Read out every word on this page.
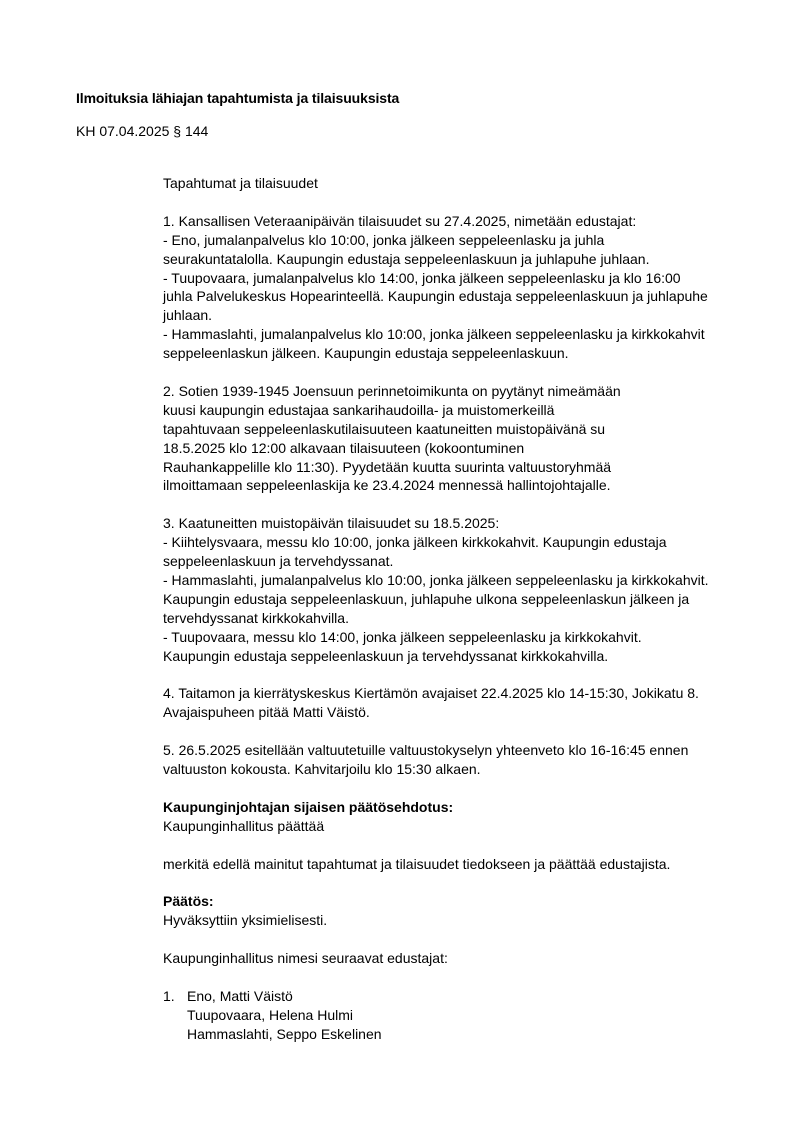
Ilmoituksia lähiajan tapahtumista ja tilaisuuksista
KH 07.04.2025 § 144
Tapahtumat ja tilaisuudet
1. Kansallisen Veteraanipäivän tilaisuudet su 27.4.2025, nimetään edustajat:
- Eno, jumalanpalvelus klo 10:00, jonka jälkeen seppeleenlasku ja juhla
seurakuntatalolla. Kaupungin edustaja seppeleenlaskuun ja juhlapuhe juhlaan.
- Tuupovaara, jumalanpalvelus klo 14:00, jonka jälkeen seppeleenlasku ja klo 16:00
juhla Palvelukeskus Hopearinteellä. Kaupungin edustaja seppeleenlaskuun ja juhlapuhe
juhlaan.
- Hammaslahti, jumalanpalvelus klo 10:00, jonka jälkeen seppeleenlasku ja kirkkokahvit
seppeleenlaskun jälkeen. Kaupungin edustaja seppeleenlaskuun.
2. Sotien 1939-1945 Joensuun perinnetoimikunta on pyytänyt nimeämään
kuusi kaupungin edustajaa sankarihaudoilla- ja muistomerkeillä
tapahtuvaan seppeleenlaskutilaisuuteen kaatuneitten muistopäivänä su
18.5.2025 klo 12:00 alkavaan tilaisuuteen (kokoontuminen
Rauhankappelille klo 11:30). Pyydetään kuutta suurinta valtuustoryhmää
ilmoittamaan seppeleenlaskija ke 23.4.2024 mennessä hallintojohtajalle.
3. Kaatuneitten muistopäivän tilaisuudet su 18.5.2025:
- Kiihtelysvaara, messu klo 10:00, jonka jälkeen kirkkokahvit. Kaupungin edustaja
seppeleenlaskuun ja tervehdyssanat.
- Hammaslahti, jumalanpalvelus klo 10:00, jonka jälkeen seppeleenlasku ja kirkkokahvit.
Kaupungin edustaja seppeleenlaskuun, juhlapuhe ulkona seppeleenlaskun jälkeen ja
tervehdyssanat kirkkokahvilla.
- Tuupovaara, messu klo 14:00, jonka jälkeen seppeleenlasku ja kirkkokahvit.
Kaupungin edustaja seppeleenlaskuun ja tervehdyssanat kirkkokahvilla.
4. Taitamon ja kierrätyskeskus Kiertämön avajaiset 22.4.2025 klo 14-15:30, Jokikatu 8.
Avajaispuheen pitää Matti Väistö.
5. 26.5.2025 esitellään valtuutetuille valtuustokyselyn yhteenveto klo 16-16:45 ennen
valtuuston kokousta. Kahvitarjoilu klo 15:30 alkaen.
Kaupunginjohtajan sijaisen päätösehdotus:
Kaupunginhallitus päättää
merkitä edellä mainitut tapahtumat ja tilaisuudet tiedokseen ja päättää edustajista.
Päätös:
Hyväksyttiin yksimielisesti.
Kaupunginhallitus nimesi seuraavat edustajat:
1. Eno, Matti Väistö
Tuupovaara, Helena Hulmi
Hammaslahti, Seppo Eskelinen
